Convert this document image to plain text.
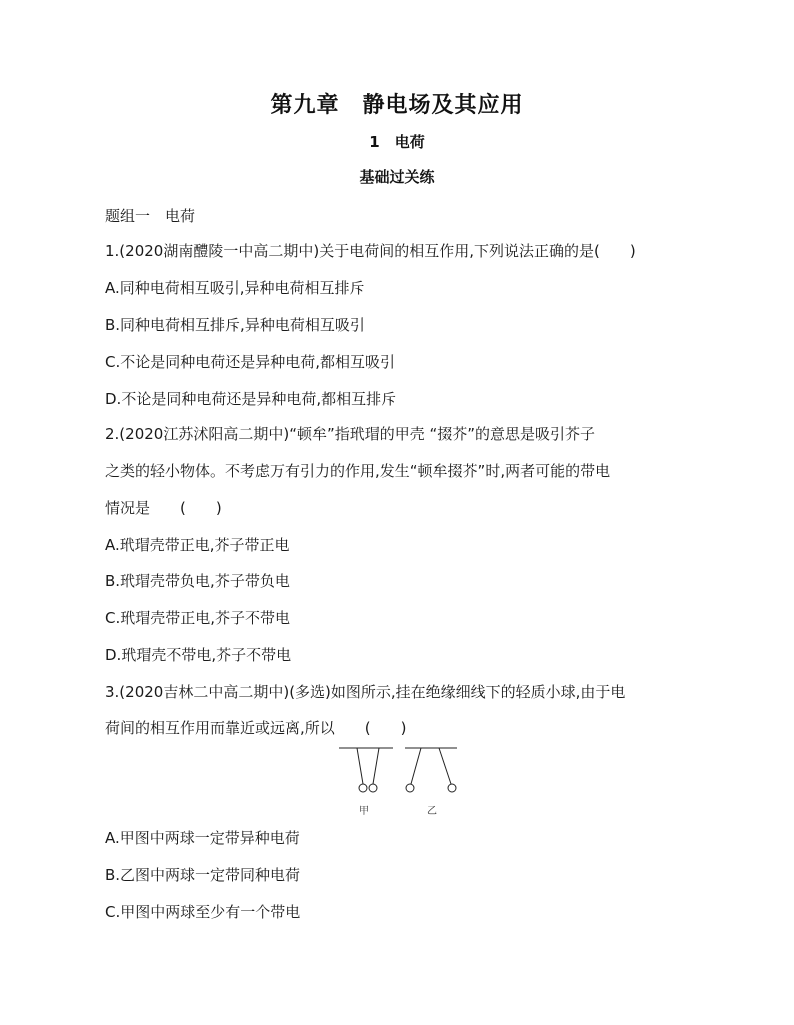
第九章　静电场及其应用
1　电荷
基础过关练
题组一　电荷
1.(2020湖南醴陵一中高二期中)关于电荷间的相互作用,下列说法正确的是(　　)
A.同种电荷相互吸引,异种电荷相互排斥
B.同种电荷相互排斥,异种电荷相互吸引
C.不论是同种电荷还是异种电荷,都相互吸引
D.不论是同种电荷还是异种电荷,都相互排斥
2.(2020江苏沭阳高二期中)“顿牟”指玳瑁的甲壳 “掇芥”的意思是吸引芥子
之类的轻小物体。不考虑万有引力的作用,发生“顿牟掇芥”时,两者可能的带电
情况是　　(　　)
A.玳瑁壳带正电,芥子带正电
B.玳瑁壳带负电,芥子带负电
C.玳瑁壳带正电,芥子不带电
D.玳瑁壳不带电,芥子不带电
3.(2020吉林二中高二期中)(多选)如图所示,挂在绝缘细线下的轻质小球,由于电
荷间的相互作用而靠近或远离,所以　　(　　)
甲	乙
A.甲图中两球一定带异种电荷
B.乙图中两球一定带同种电荷
C.甲图中两球至少有一个带电
